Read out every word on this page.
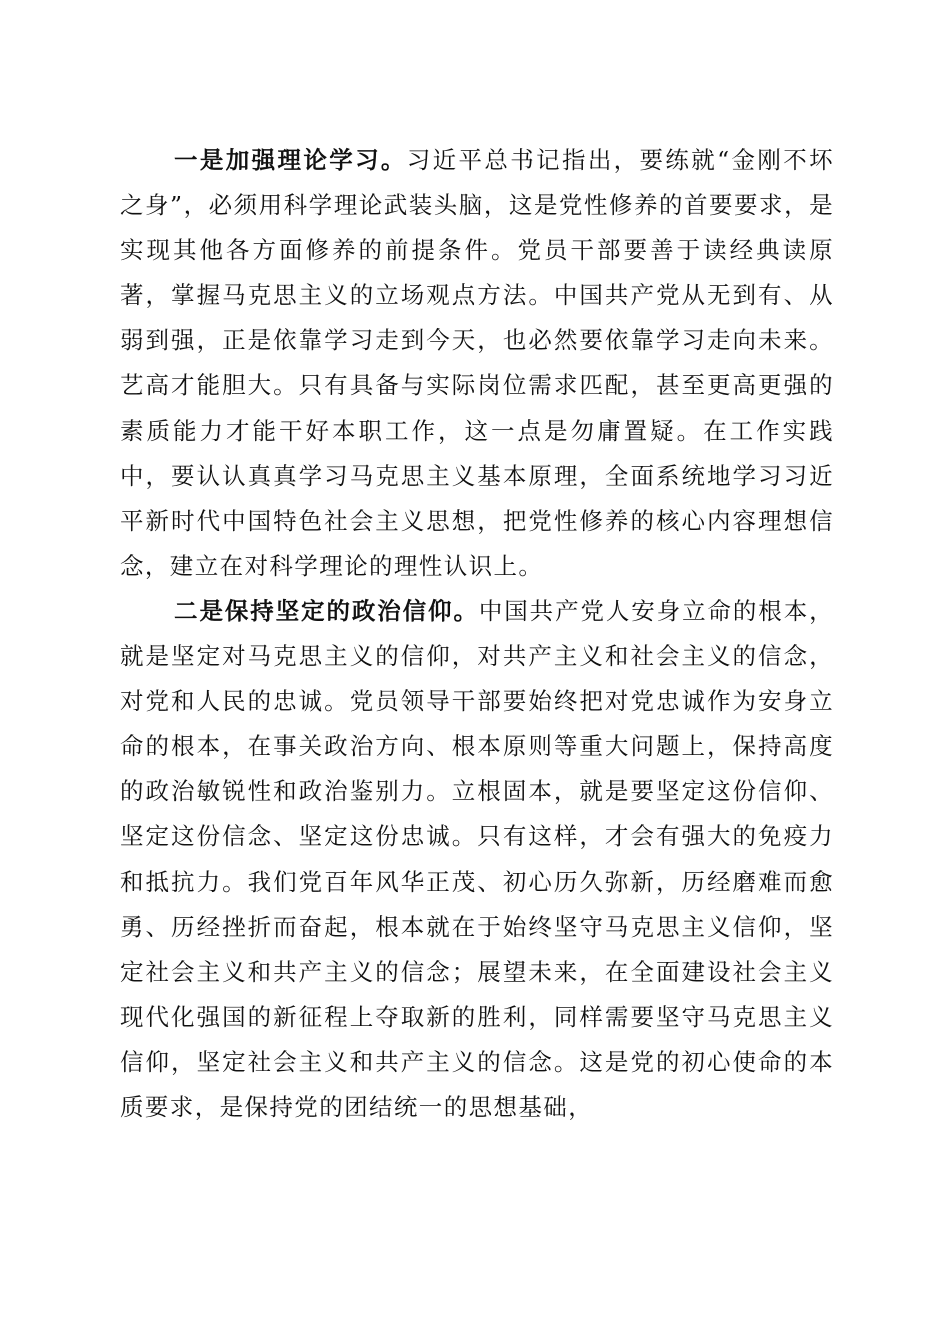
一是加强理论学习。习近平总书记指出，要练就“金刚不坏之身”，必须用科学理论武装头脑，这是党性修养的首要要求，是实现其他各方面修养的前提条件。党员干部要善于读经典读原著，掌握马克思主义的立场观点方法。中国共产党从无到有、从弱到强，正是依靠学习走到今天，也必然要依靠学习走向未来。艺高才能胆大。只有具备与实际岗位需求匹配，甚至更高更强的素质能力才能干好本职工作，这一点是勿庸置疑。在工作实践中，要认认真真学习马克思主义基本原理，全面系统地学习习近平新时代中国特色社会主义思想，把党性修养的核心内容理想信念，建立在对科学理论的理性认识上。

二是保持坚定的政治信仰。中国共产党人安身立命的根本，就是坚定对马克思主义的信仰，对共产主义和社会主义的信念，对党和人民的忠诚。党员领导干部要始终把对党忠诚作为安身立命的根本，在事关政治方向、根本原则等重大问题上，保持高度的政治敏锐性和政治鉴别力。立根固本，就是要坚定这份信仰、坚定这份信念、坚定这份忠诚。只有这样，才会有强大的免疫力和抵抗力。我们党百年风华正茂、初心历久弥新，历经磨难而愈勇、历经挫折而奋起，根本就在于始终坚守马克思主义信仰，坚定社会主义和共产主义的信念；展望未来，在全面建设社会主义现代化强国的新征程上夺取新的胜利，同样需要坚守马克思主义信仰，坚定社会主义和共产主义的信念。这是党的初心使命的本质要求，是保持党的团结统一的思想基础，
